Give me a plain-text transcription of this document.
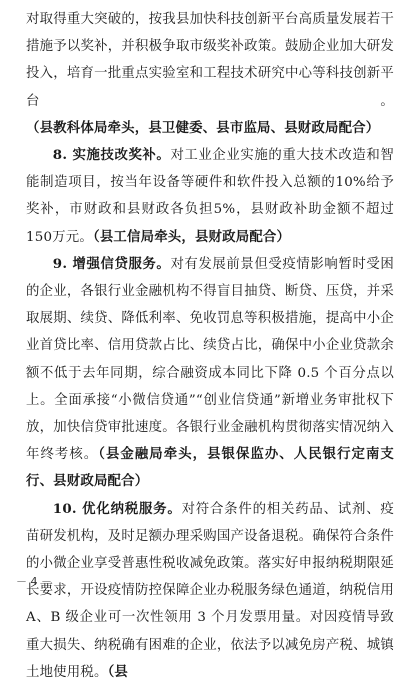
对取得重大突破的，按我县加快科技创新平台高质量发展若干措施予以奖补，并积极争取市级奖补政策。鼓励企业加大研发投入，培育一批重点实验室和工程技术研究中心等科技创新平台。（县教科体局牵头，县卫健委、县市监局、县财政局配合）

8. 实施技改奖补。对工业企业实施的重大技术改造和智能制造项目，按当年设备等硬件和软件投入总额的10%给予奖补，市财政和县财政各负担5%，县财政补助金额不超过150万元。（县工信局牵头，县财政局配合）

9. 增强信贷服务。对有发展前景但受疫情影响暂时受困的企业，各银行业金融机构不得盲目抽贷、断贷、压贷，并采取展期、续贷、降低利率、免收罚息等积极措施，提高中小企业首贷比率、信用贷款占比、续贷占比，确保中小企业贷款余额不低于去年同期，综合融资成本同比下降 0.5 个百分点以上。全面承接“小微信贷通”“创业信贷通”新增业务审批权下放，加快信贷审批速度。各银行业金融机构贯彻落实情况纳入年终考核。（县金融局牵头，县银保监办、人民银行定南支行、县财政局配合）

10. 优化纳税服务。对符合条件的相关药品、试剂、疫苗研发机构，及时足额办理采购国产设备退税。确保符合条件的小微企业享受普惠性税收减免政策。落实好申报纳税期限延长要求，开设疫情防控保障企业办税服务绿色通道，纳税信用 A、B 级企业可一次性领用 3 个月发票用量。对因疫情导致重大损失、纳税确有困难的企业，依法予以减免房产税、城镇土地使用税。（县

－ 4 －
